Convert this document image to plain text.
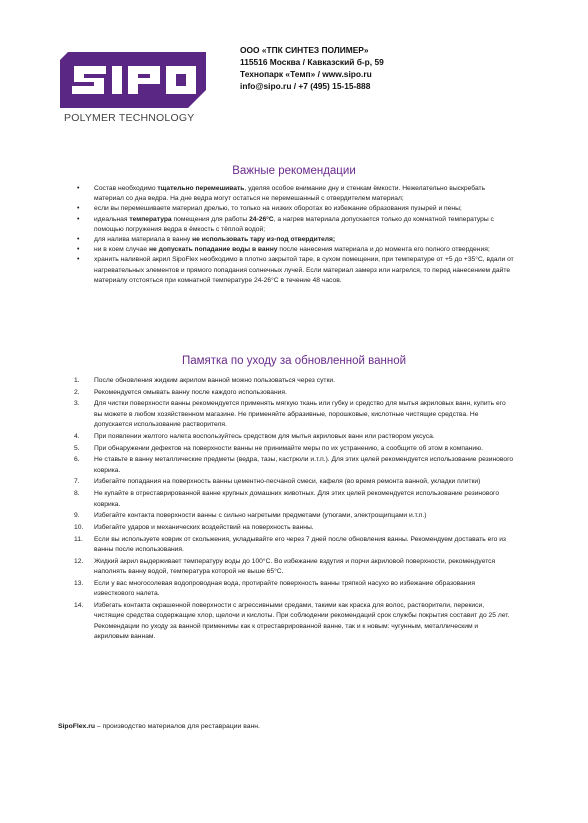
POLYMER TECHNOLOGY
ООО «ТПК СИНТЕЗ ПОЛИМЕР»
115516 Москва / Кавказский б-р, 59
Технопарк «Темп» / www.sipo.ru
info@sipo.ru / +7 (495) 15-15-888
Важные рекомендации
• Состав необходимо тщательно перемешивать, уделяя особое внимание дну и стенкам ёмкости. Нежелательно выскребать материал со дна ведра. На дне ведра могут остаться не перемешанный с отвердителем материал;
• если вы перемешиваете материал дрелью, то только на низких оборотах во избежание образования пузырей и пены;
• идеальная температура помещения для работы 24-26°C, а нагрев материала допускается только до комнатной температуры с помощью погружения ведра в ёмкость с тёплой водой;
• для налива материала в ванну не использовать тару из-под отвердителя;
• ни в коем случае не допускать попадание воды в ванну после нанесения материала и до момента его полного отвердения;
• хранить наливной акрил SipoFlex необходимо в плотно закрытой таре, в сухом помещении, при температуре от +5 до +35°C, вдали от нагревательных элементов и прямого попадания солнечных лучей. Если материал замерз или нагрелся, то перед нанесением дайте материалу отстояться при комнатной температуре 24-26°C в течение 48 часов.
Памятка по уходу за обновленной ванной
1. После обновления жидким акрилом ванной можно пользоваться через сутки.
2. Рекомендуется омывать ванну после каждого использования.
3. Для чистки поверхности ванны рекомендуется применять мягкую ткань или губку и средство для мытья акриловых ванн, купить его вы можете в любом хозяйственном магазине. Не применяйте абразивные, порошковые, кислотные чистящие средства. Не допускается использование растворителя.
4. При появлении желтого налета воспользуйтесь средством для мытья акриловых ванн или раствором уксуса.
5. При обнаружении дефектов на поверхности ванны не принимайте меры по их устранению, а сообщите об этом в компанию.
6. Не ставьте в ванну металлические предметы (ведра, тазы, кастрюли и.т.п.). Для этих целей рекомендуется использование резинового коврика.
7. Избегайте попадания на поверхность ванны цементно-песчаной смеси, кафеля (во время ремонта ванной, укладки плитки)
8. Не купайте в отреставрированной ванне крупных домашних животных. Для этих целей рекомендуется использование резинового коврика.
9. Избегайте контакта поверхности ванны с сильно нагретыми предметами (утюгами, электрощипцами и.т.п.)
10. Избегайте ударов и механических воздействий на поверхность ванны.
11. Если вы используете коврик от скольжения, укладывайте его через 7 дней после обновления ванны. Рекомендуем доставать его из ванны после использования.
12. Жидкий акрил выдерживает температуру воды до 100°С. Во избежание вздутия и порчи акриловой поверхности, рекомендуется наполнять ванну водой, температура которой не выше 65°С.
13. Если у вас многосолевая водопроводная вода, протирайте поверхность ванны тряпкой насухо во избежание образования известкового налета.
14. Избегать контакта окрашенной поверхности с агрессивными средами, такими как краска для волос, растворители, перекиси, чистящие средства содержащие хлор, щелочи и кислоты. При соблюдении рекомендаций срок службы покрытия составит до 25 лет. Рекомендации по уходу за ванной применимы как к отреставрированной ванне, так и к новым: чугунным, металлическим и акриловым ваннам.
SipoFlex.ru – производство материалов для реставрации ванн.
